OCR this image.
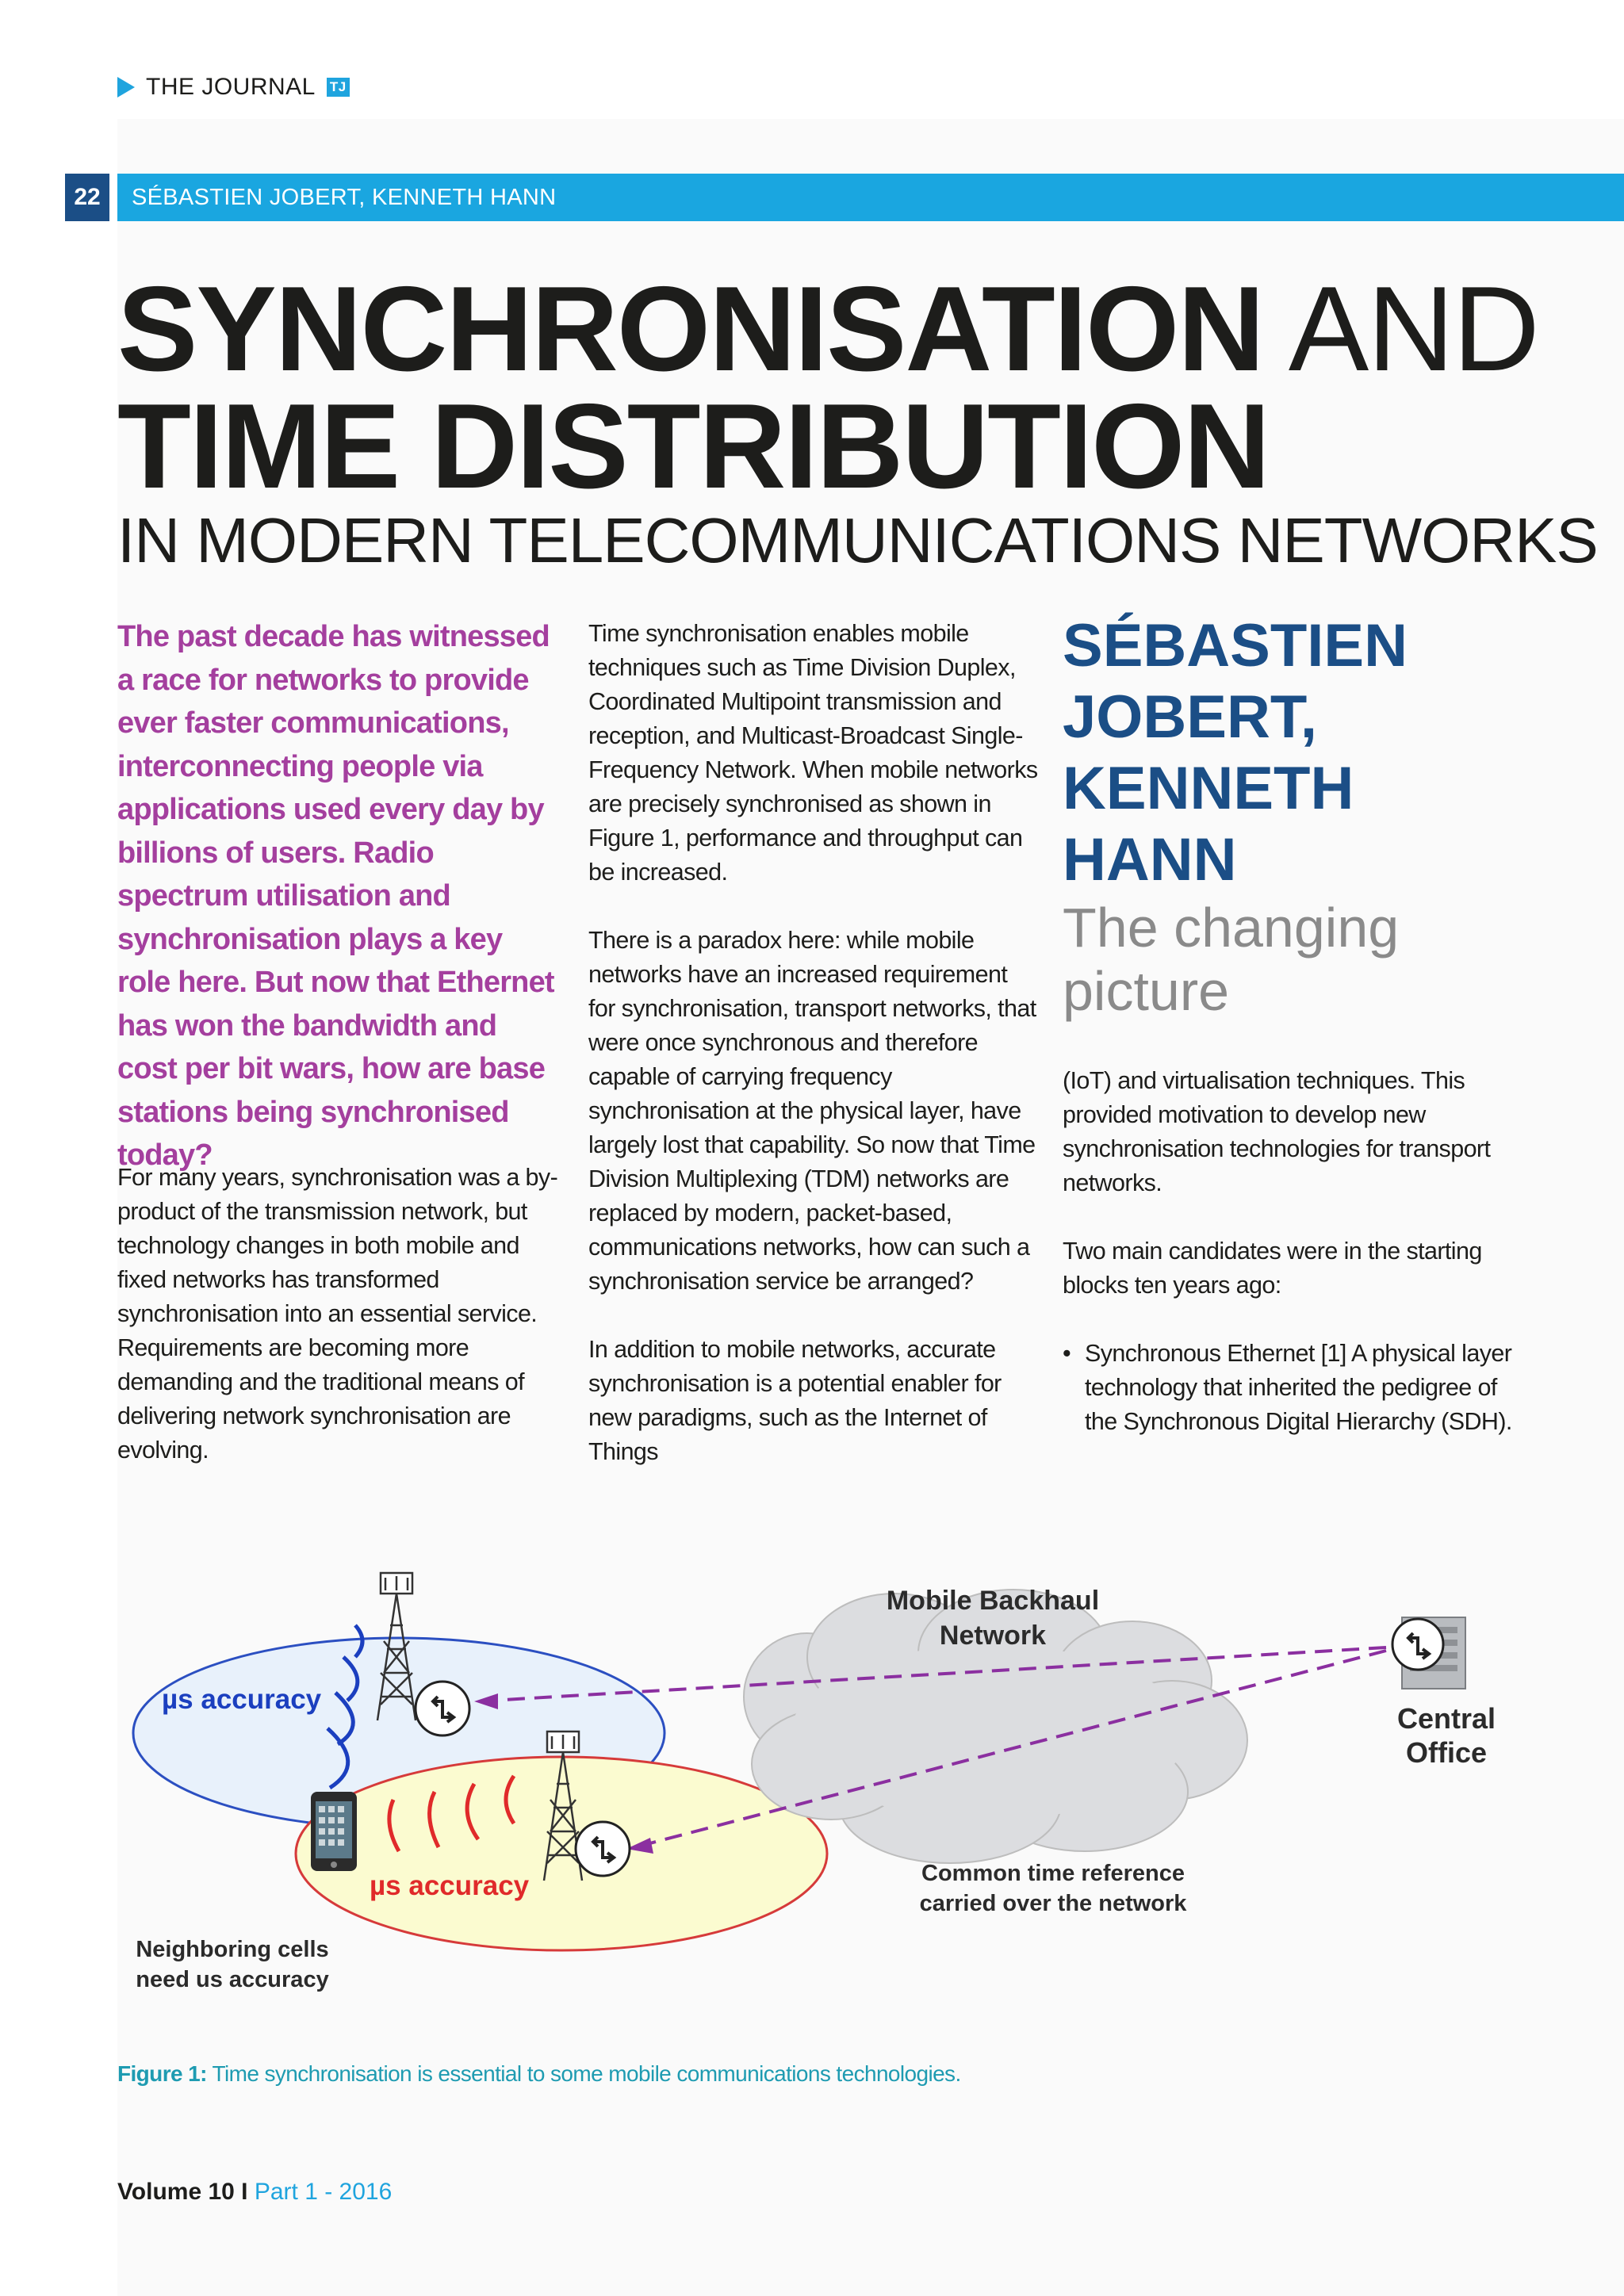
THE JOURNAL TJ
22	SÉBASTIEN JOBERT, KENNETH HANN
SYNCHRONISATION AND
TIME DISTRIBUTION
IN MODERN TELECOMMUNICATIONS NETWORKS
The past decade has witnessed a race for networks to provide ever faster communications, interconnecting people via applications used every day by billions of users. Radio spectrum utilisation and synchronisation plays a key role here. But now that Ethernet has won the bandwidth and cost per bit wars, how are base stations being synchronised today?
For many years, synchronisation was a by-product of the transmission network, but technology changes in both mobile and fixed networks has transformed synchronisation into an essential service. Requirements are becoming more demanding and the traditional means of delivering network synchronisation are evolving.
Time synchronisation enables mobile techniques such as Time Division Duplex, Coordinated Multipoint transmission and reception, and Multicast-Broadcast Single-Frequency Network. When mobile networks are precisely synchronised as shown in Figure 1, performance and throughput can be increased.
There is a paradox here: while mobile networks have an increased requirement for synchronisation, transport networks, that were once synchronous and therefore capable of carrying frequency synchronisation at the physical layer, have largely lost that capability. So now that Time Division Multiplexing (TDM) networks are replaced by modern, packet-based, communications networks, how can such a synchronisation service be arranged?
In addition to mobile networks, accurate synchronisation is a potential enabler for new paradigms, such as the Internet of Things
SÉBASTIEN JOBERT, KENNETH HANN
The changing picture
(IoT) and virtualisation techniques. This provided motivation to develop new synchronisation technologies for transport networks.
Two main candidates were in the starting blocks ten years ago:
• Synchronous Ethernet [1] A physical layer technology that inherited the pedigree of the Synchronous Digital Hierarchy (SDH).
Mobile Backhaul
Network
Central
Office
µs accuracy
µs accuracy	Common time reference
carried over the network
Neighboring cells
need us accuracy
Figure 1: Time synchronisation is essential to some mobile communications technologies.
Volume 10 I Part 1 - 2016
